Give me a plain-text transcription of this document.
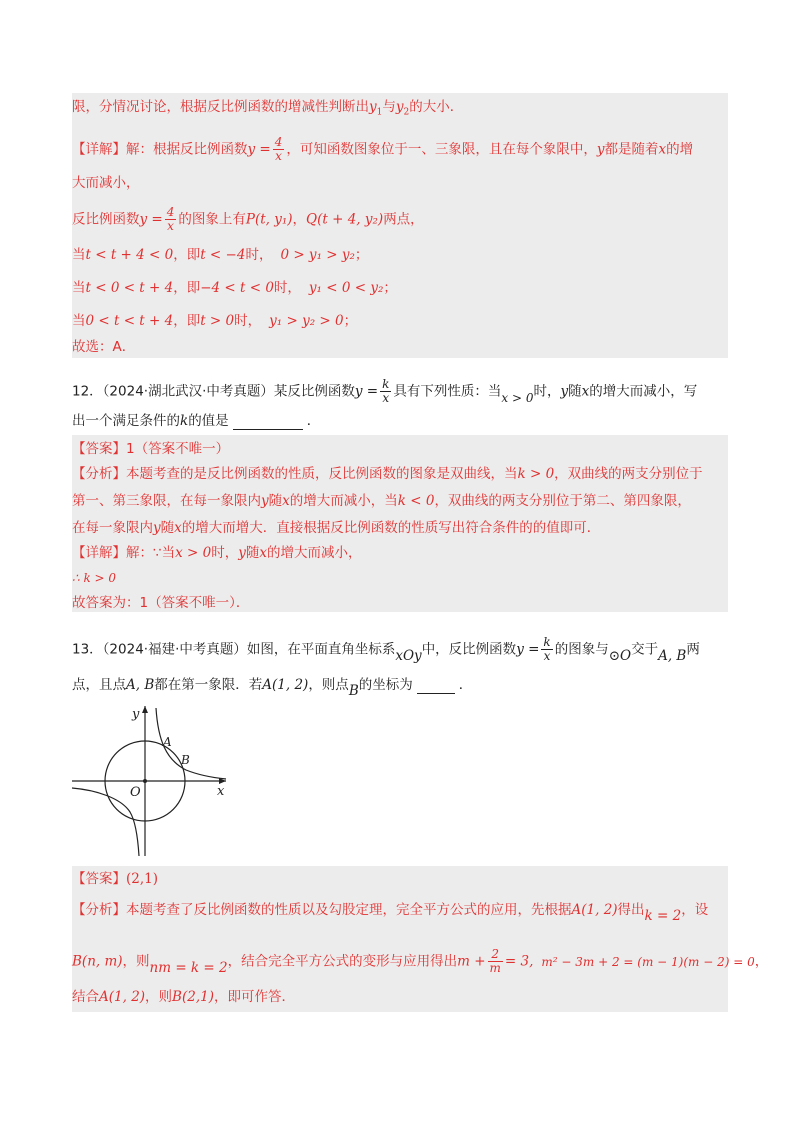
限，分情况讨论，根据反比例函数的增减性判断出$y_1$与$y_2$的大小．
【详解】解：根据反比例函数$y = \frac{4}{x}$ ，可知函数图象位于一、三象限，且在每个象限中，y都是随着x的增
大而减小，
反比例函数$y = \frac{4}{x}$ 的图象上有P(t, y₁)，Q(t + 4, y₂)两点，
当t < t + 4 < 0，即t < −4时， 0 > y₁ > y₂；
当t < 0 < t + 4，即−4 < t < 0时， y₁ < 0 < y₂；
当0 < t < t + 4，即t > 0时， y₁ > y₂ > 0；
故选：A．
12．（2024·湖北武汉·中考真题）某反比例函数$y = \frac{k}{x}$ 具有下列性质：当x > 0时，y随x的增大而减小，写
出一个满足条件的k的值是	．
【答案】1（答案不唯一）
【分析】本题考查的是反比例函数的性质，反比例函数的图象是双曲线，当k > 0，双曲线的两支分别位于
第一、第三象限，在每一象限内y随x的增大而减小，当k < 0，双曲线的两支分别位于第二、第四象限，
在每一象限内y随x的增大而增大．直接根据反比例函数的性质写出符合条件的的值即可．
【详解】解：∵当x > 0时，y随x的增大而减小，
∴ k > 0
故答案为：1（答案不唯一）．
13．（2024·福建·中考真题）如图，在平面直角坐标系xOy中，反比例函数$y = \frac{k}{x}$ 的图象与⊙O交于A, B两
点，且点A, B都在第一象限．若A(1, 2)，则点B的坐标为	．
y
x
O
A
B
【答案】(2,1)
【分析】本题考查了反比例函数的性质以及勾股定理，完全平方公式的应用，先根据A(1, 2)得出k = 2，设
B(n, m)，则nm = k = 2，结合完全平方公式的变形与应用得出$m + \frac{2}{m} = 3$, m² − 3m + 2 = (m − 1)(m − 2) = 0，
结合A(1, 2)，则B(2,1)，即可作答．
